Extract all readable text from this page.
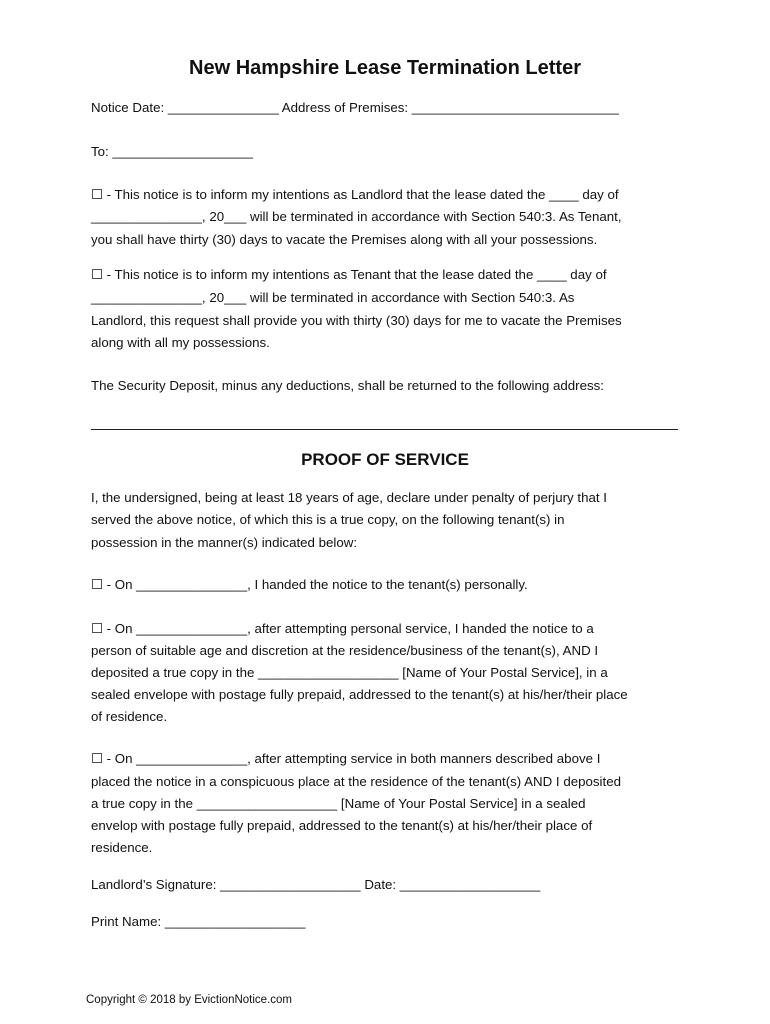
New Hampshire Lease Termination Letter
Notice Date: _______________ Address of Premises: ____________________________
To: ___________________
☐ - This notice is to inform my intentions as Landlord that the lease dated the ____ day of
_______________, 20___ will be terminated in accordance with Section 540:3. As Tenant,
you shall have thirty (30) days to vacate the Premises along with all your possessions.
☐ - This notice is to inform my intentions as Tenant that the lease dated the ____ day of
_______________, 20___ will be terminated in accordance with Section 540:3. As
Landlord, this request shall provide you with thirty (30) days for me to vacate the Premises
along with all my possessions.
The Security Deposit, minus any deductions, shall be returned to the following address:
PROOF OF SERVICE
I, the undersigned, being at least 18 years of age, declare under penalty of perjury that I
served the above notice, of which this is a true copy, on the following tenant(s) in
possession in the manner(s) indicated below:
☐ - On _______________, I handed the notice to the tenant(s) personally.
☐ - On _______________, after attempting personal service, I handed the notice to a
person of suitable age and discretion at the residence/business of the tenant(s), AND I
deposited a true copy in the ___________________ [Name of Your Postal Service], in a
sealed envelope with postage fully prepaid, addressed to the tenant(s) at his/her/their place
of residence.
☐ - On _______________, after attempting service in both manners described above I
placed the notice in a conspicuous place at the residence of the tenant(s) AND I deposited
a true copy in the ___________________ [Name of Your Postal Service] in a sealed
envelop with postage fully prepaid, addressed to the tenant(s) at his/her/their place of
residence.
Landlord’s Signature: ___________________ Date: ___________________
Print Name: ___________________
Copyright © 2018 by EvictionNotice.com
